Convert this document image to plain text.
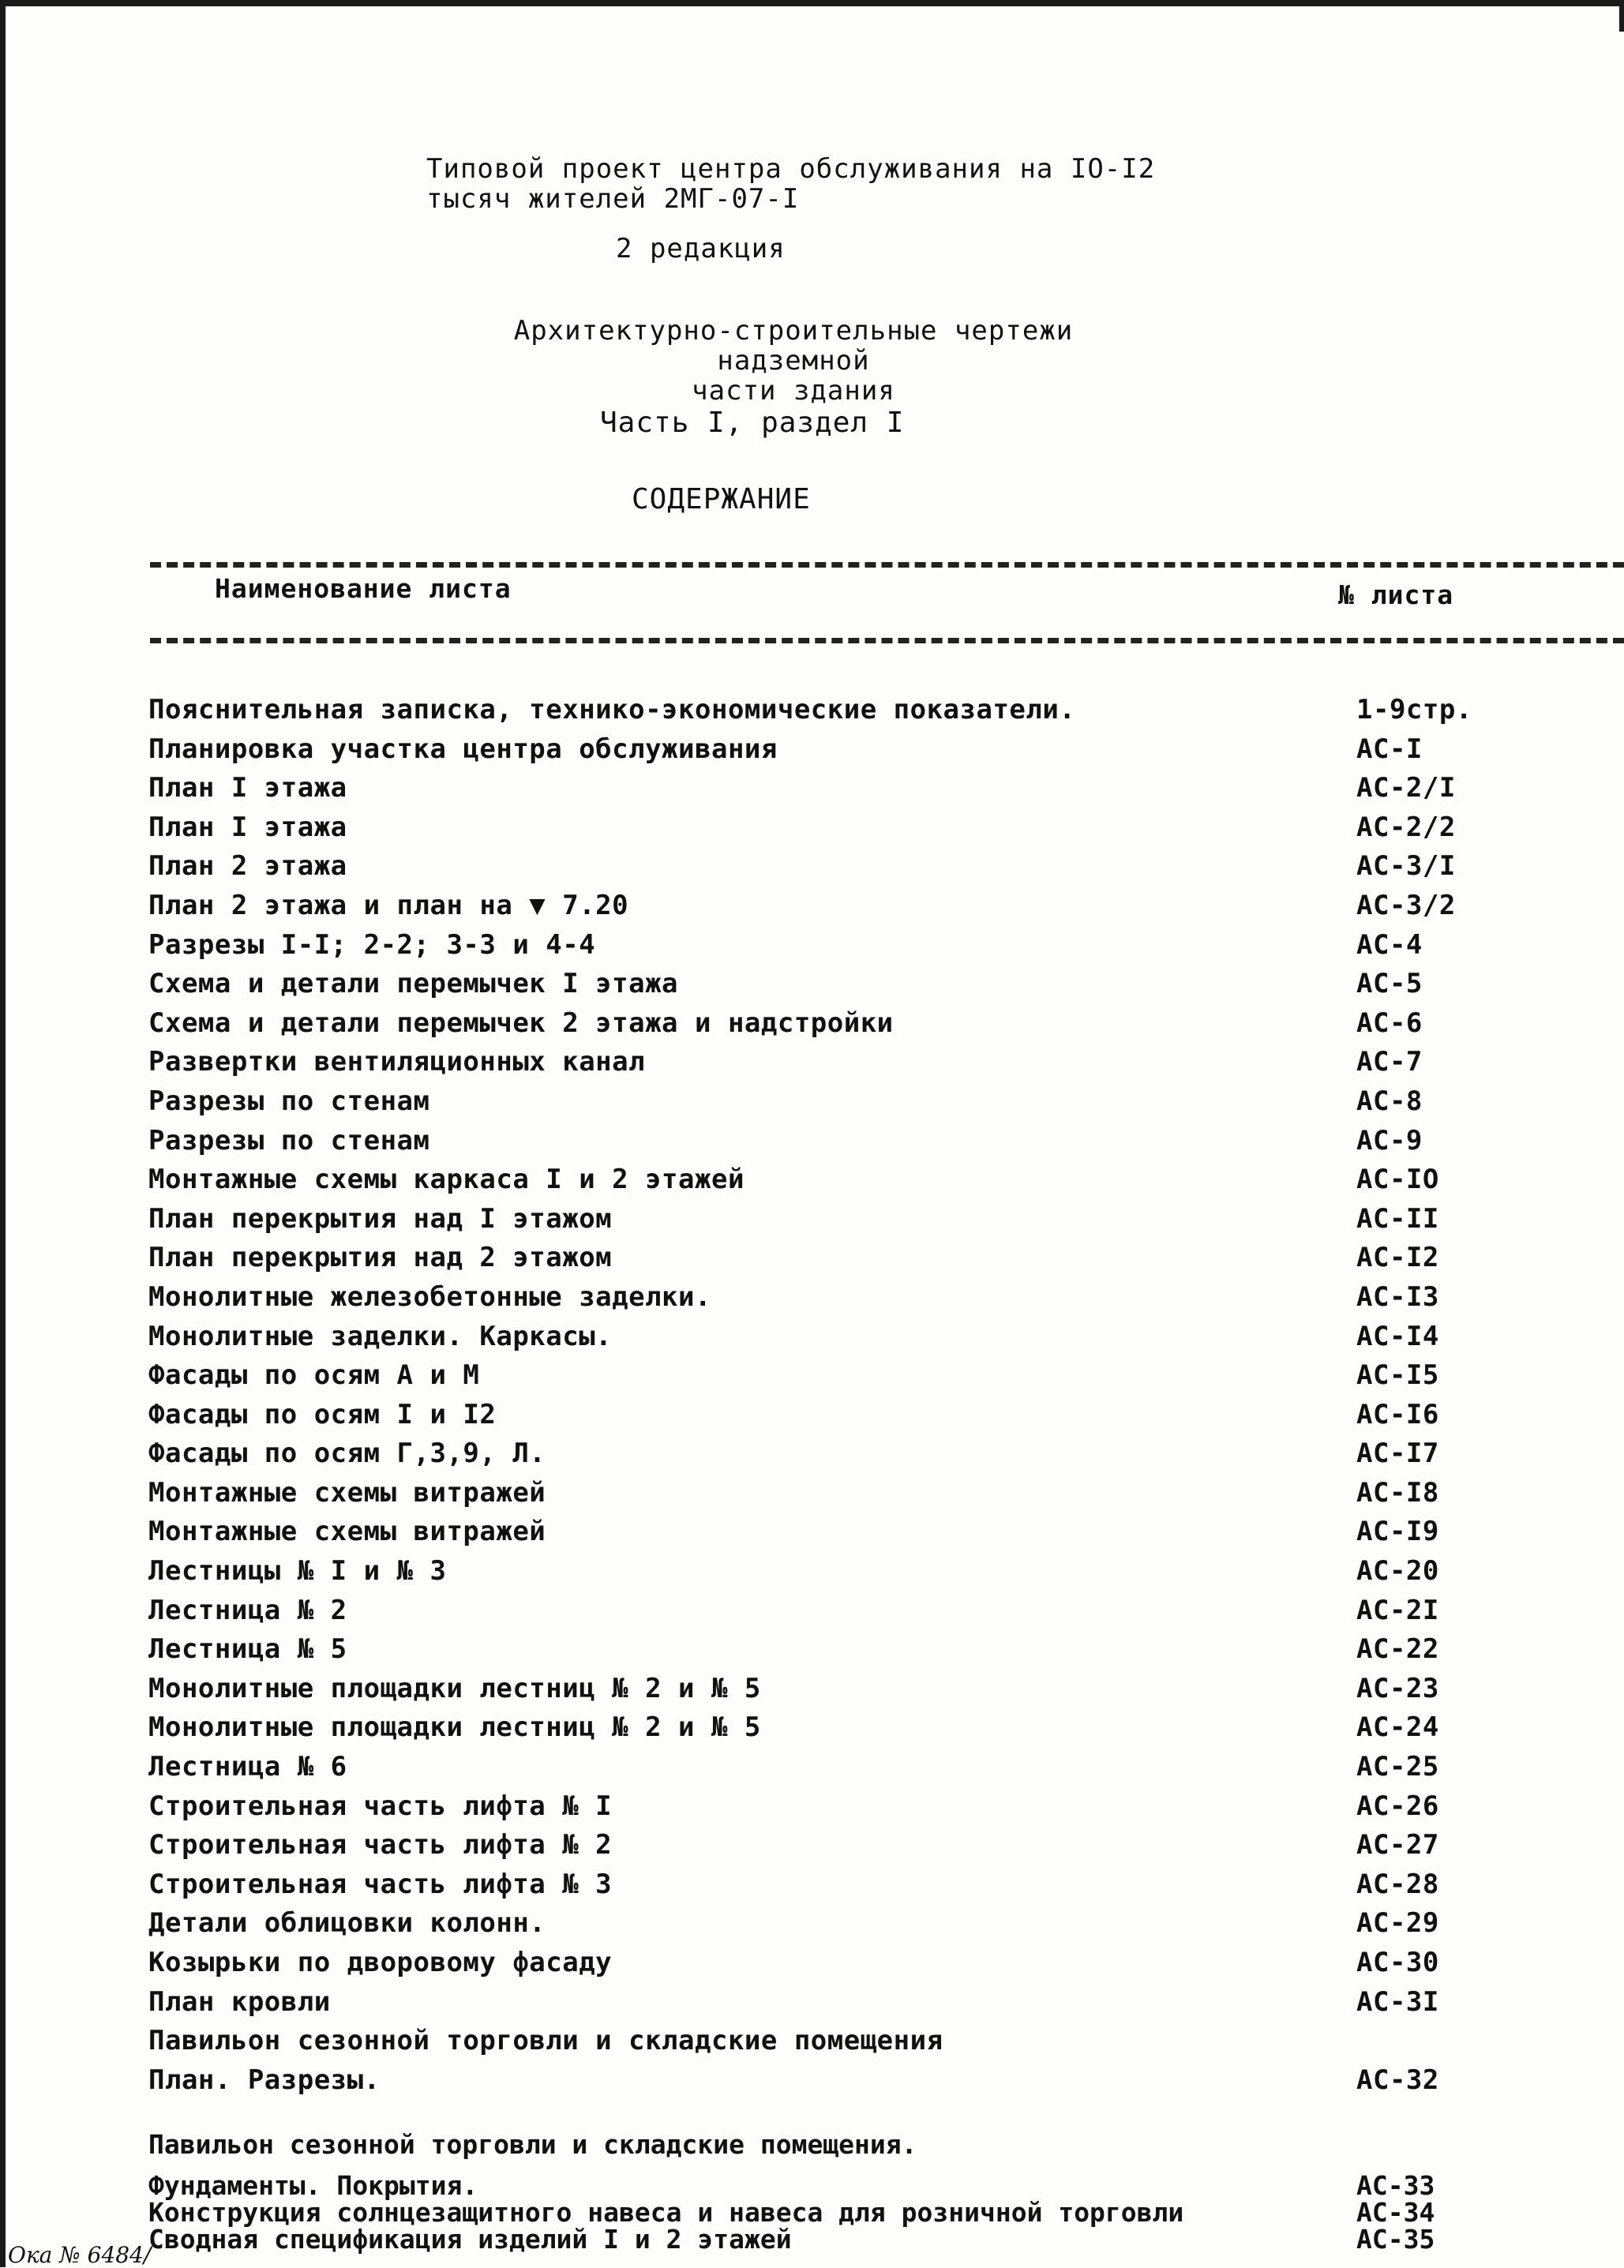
Типовой проект центра обслуживания на IO-I2
тысяч жителей 2МГ-07-I
2 редакция
Архитектурно-строительные чертежи надземной
части здания
Часть I, раздел I
СОДЕРЖАНИЕ
Наименование листа	№ листа
Пояснительная записка, технико-экономические показатели.	1-9стр.
Планировка участка центра обслуживания	АС-I
План I этажа	АС-2/I
План I этажа	АС-2/2
План 2 этажа	АС-3/I
План 2 этажа и план на ▼ 7.20	АС-3/2
Разрезы I-I; 2-2; 3-3 и 4-4	АС-4
Схема и детали перемычек I этажа	АС-5
Схема и детали перемычек 2 этажа и надстройки	АС-6
Развертки вентиляционных канал	АС-7
Разрезы по стенам	АС-8
Разрезы по стенам	АС-9
Монтажные схемы каркаса I и 2 этажей	АС-IO
План перекрытия над I этажом	АС-II
План перекрытия над 2 этажом	АС-I2
Монолитные железобетонные заделки.	АС-I3
Монолитные заделки. Каркасы.	АС-I4
Фасады по осям А и М	АС-I5
Фасады по осям I и I2	АС-I6
Фасады по осям Г,3,9, Л.	АС-I7
Монтажные схемы витражей	АС-I8
Монтажные схемы витражей	АС-I9
Лестницы № I и № 3	АС-20
Лестница № 2	АС-2I
Лестница № 5	АС-22
Монолитные площадки лестниц № 2 и № 5	АС-23
Монолитные площадки лестниц № 2 и № 5	АС-24
Лестница № 6	АС-25
Строительная часть лифта № I	АС-26
Строительная часть лифта № 2	АС-27
Строительная часть лифта № 3	АС-28
Детали облицовки колонн.	АС-29
Козырьки по дворовому фасаду	АС-30
План кровли	АС-3I
Павильон сезонной торговли и складские помещения
План. Разрезы.	АС-32
Павильон сезонной торговли и складские помещения.
Фундаменты. Покрытия.	АС-33
Конструкция солнцезащитного навеса и навеса для розничной торговли	АС-34
Сводная спецификация изделий I и 2 этажей	АС-35
Ока № 6484/
